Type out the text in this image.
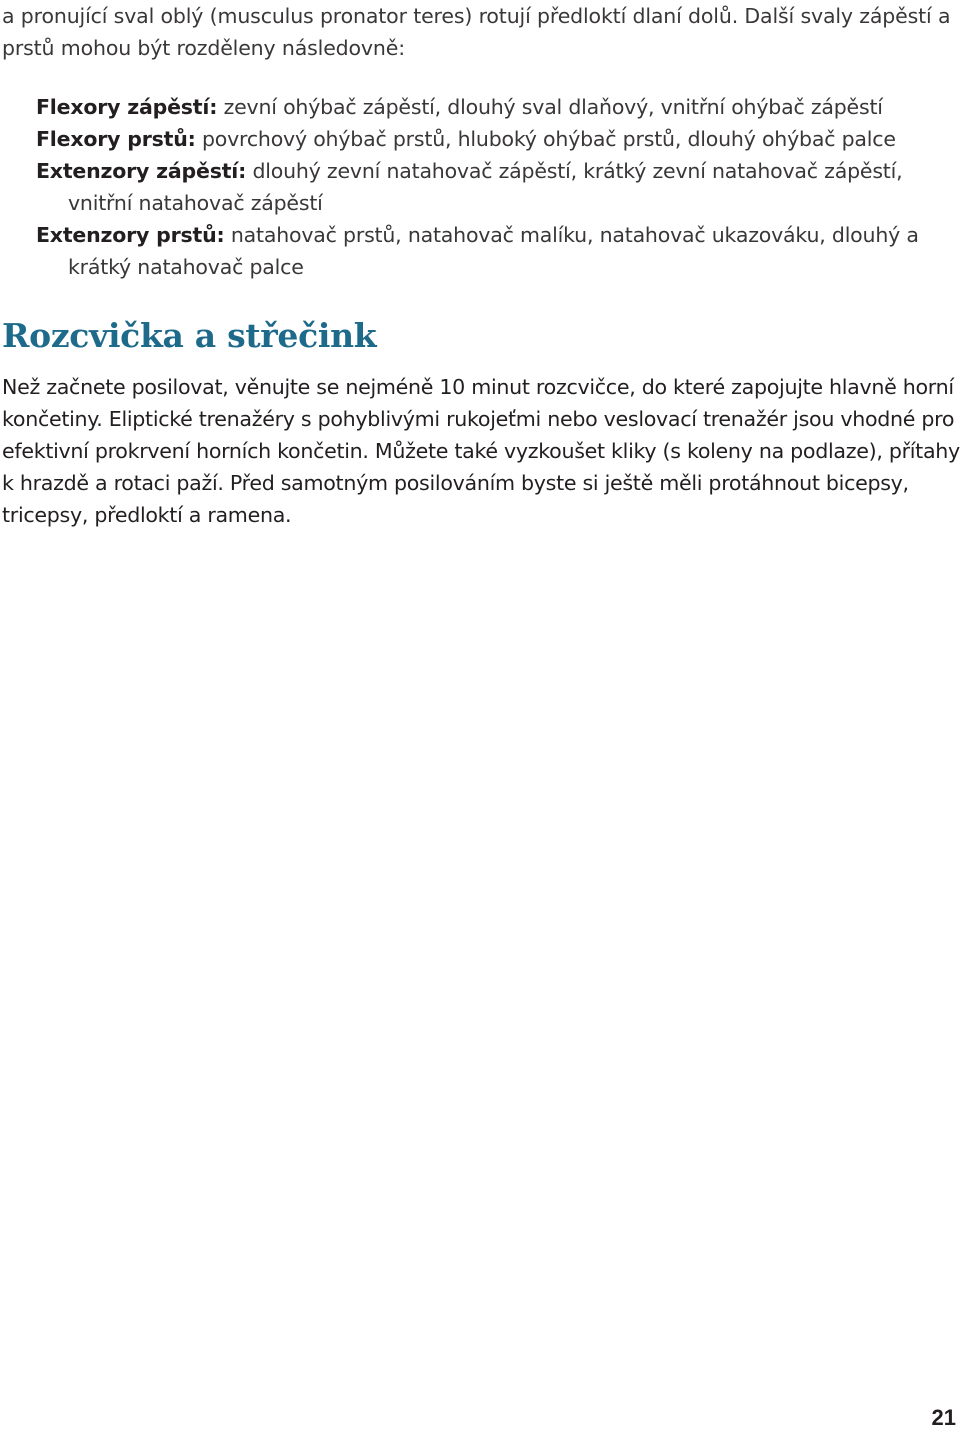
a pronující sval oblý (musculus pronator teres) rotují předloktí dlaní dolů. Další svaly zápěstí a prstů mohou být rozděleny následovně:

Flexory zápěstí: zevní ohýbač zápěstí, dlouhý sval dlaňový, vnitřní ohýbač zápěstí
Flexory prstů: povrchový ohýbač prstů, hluboký ohýbač prstů, dlouhý ohýbač palce
Extenzory zápěstí: dlouhý zevní natahovač zápěstí, krátký zevní natahovač zápěstí, vnitřní natahovač zápěstí
Extenzory prstů: natahovač prstů, natahovač malíku, natahovač ukazováku, dlouhý a krátký natahovač palce
Rozcvička a střečink

Než začnete posilovat, věnujte se nejméně 10 minut rozcvičce, do které zapojujte hlavně horní končetiny. Eliptické trenažéry s pohyblivými rukojeťmi nebo veslovací trenažér jsou vhodné pro efektivní prokrvení horních končetin. Můžete také vyzkoušet kliky (s koleny na podlaze), přítahy k hrazdě a rotaci paží. Před samotným posilováním byste si ještě měli protáhnout bicepsy, tricepsy, předloktí a ramena.

21
